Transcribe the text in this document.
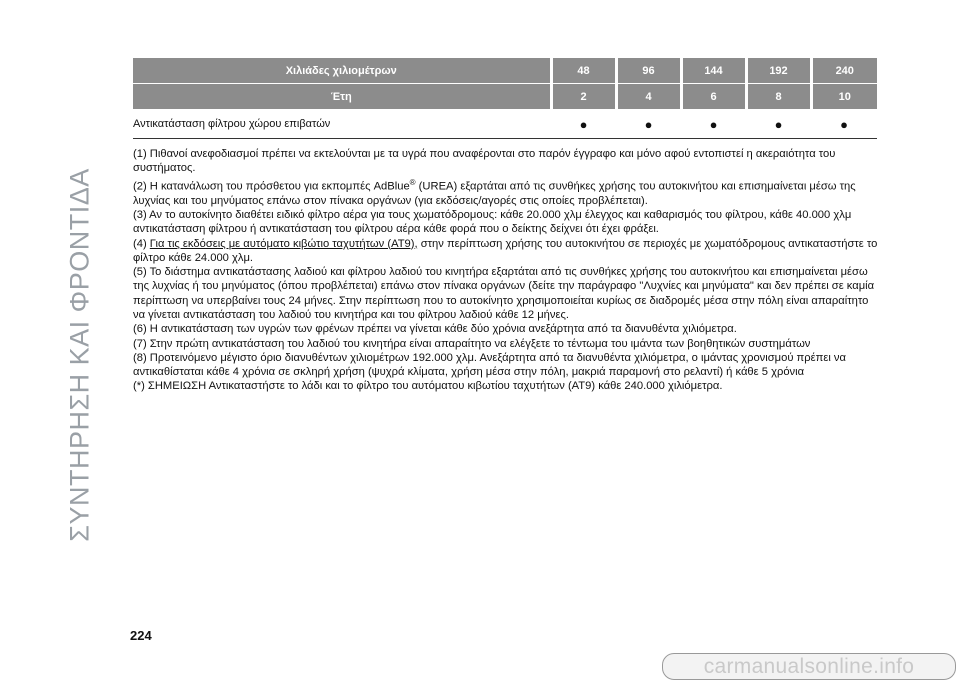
ΣΥΝΤΗΡΗΣΗ ΚΑΙ ΦΡΟΝΤΙΔΑ
Χιλιάδες χιλιομέτρων	48	96	144	192	240
Έτη	2	4	6	8	10
Αντικατάσταση φίλτρου χώρου επιβατών	●	●	●	●	●

(1) Πιθανοί ανεφοδιασμοί πρέπει να εκτελούνται με τα υγρά που αναφέρονται στο παρόν έγγραφο και μόνο αφού εντοπιστεί η ακεραιότητα του συστήματος.

(2) Η κατανάλωση του πρόσθετου για εκπομπές AdBlue® (UREA) εξαρτάται από τις συνθήκες χρήσης του αυτοκινήτου και επισημαίνεται μέσω της λυχνίας και του μηνύματος επάνω στον πίνακα οργάνων (για εκδόσεις/αγορές στις οποίες προβλέπεται).

(3) Αν το αυτοκίνητο διαθέτει ειδικό φίλτρο αέρα για τους χωματόδρομους: κάθε 20.000 χλμ έλεγχος και καθαρισμός του φίλτρου, κάθε 40.000 χλμ αντικατάσταση φίλτρου ή αντικατάσταση του φίλτρου αέρα κάθε φορά που ο δείκτης δείχνει ότι έχει φράξει.

(4) Για τις εκδόσεις με αυτόματο κιβώτιο ταχυτήτων (AT9), στην περίπτωση χρήσης του αυτοκινήτου σε περιοχές με χωματόδρομους αντικαταστήστε το φίλτρο κάθε 24.000 χλμ.

(5) Το διάστημα αντικατάστασης λαδιού και φίλτρου λαδιού του κινητήρα εξαρτάται από τις συνθήκες χρήσης του αυτοκινήτου και επισημαίνεται μέσω της λυχνίας ή του μηνύματος (όπου προβλέπεται) επάνω στον πίνακα οργάνων (δείτε την παράγραφο "Λυχνίες και μηνύματα" και δεν πρέπει σε καμία περίπτωση να υπερβαίνει τους 24 μήνες. Στην περίπτωση που το αυτοκίνητο χρησιμοποιείται κυρίως σε διαδρομές μέσα στην πόλη είναι απαραίτητο να γίνεται αντικατάσταση του λαδιού του κινητήρα και του φίλτρου λαδιού κάθε 12 μήνες.

(6) Η αντικατάσταση των υγρών των φρένων πρέπει να γίνεται κάθε δύο χρόνια ανεξάρτητα από τα διανυθέντα χιλιόμετρα.

(7) Στην πρώτη αντικατάσταση του λαδιού του κινητήρα είναι απαραίτητο να ελέγξετε το τέντωμα του ιμάντα των βοηθητικών συστημάτων

(8) Προτεινόμενο μέγιστο όριο διανυθέντων χιλιομέτρων 192.000 χλμ. Ανεξάρτητα από τα διανυθέντα χιλιόμετρα, ο ιμάντας χρονισμού πρέπει να αντικαθίσταται κάθε 4 χρόνια σε σκληρή χρήση (ψυχρά κλίματα, χρήση μέσα στην πόλη, μακριά παραμονή στο ρελαντί) ή κάθε 5 χρόνια

(*) ΣΗΜΕΙΩΣΗ Αντικαταστήστε το λάδι και το φίλτρο του αυτόματου κιβωτίου ταχυτήτων (AT9) κάθε 240.000 χιλιόμετρα.

224
carmanualsonline.info
